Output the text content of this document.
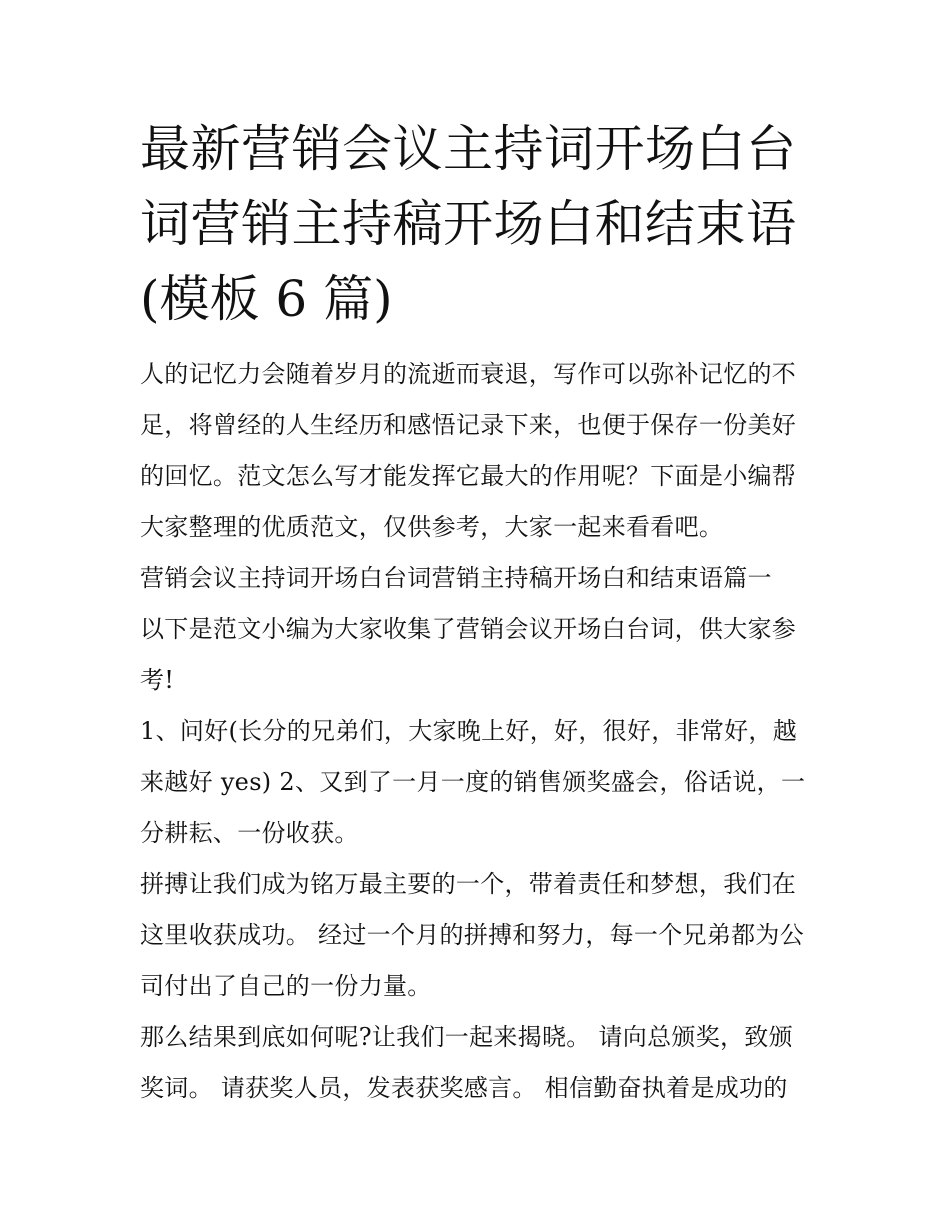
最新营销会议主持词开场白台
词营销主持稿开场白和结束语
(模板 6 篇)

人的记忆力会随着岁月的流逝而衰退，写作可以弥补记忆的不足，将曾经的人生经历和感悟记录下来，也便于保存一份美好的回忆。范文怎么写才能发挥它最大的作用呢？下面是小编帮大家整理的优质范文，仅供参考，大家一起来看看吧。

营销会议主持词开场白台词营销主持稿开场白和结束语篇一

以下是范文小编为大家收集了营销会议开场白台词，供大家参考!

1、问好(长分的兄弟们，大家晚上好，好，很好，非常好，越来越好 yes) 2、又到了一月一度的销售颁奖盛会，俗话说，一分耕耘、一份收获。

拼搏让我们成为铭万最主要的一个，带着责任和梦想，我们在这里收获成功。 经过一个月的拼搏和努力，每一个兄弟都为公司付出了自己的一份力量。

那么结果到底如何呢?让我们一起来揭晓。 请向总颁奖，致颁奖词。 请获奖人员，发表获奖感言。 相信勤奋执着是成功的
